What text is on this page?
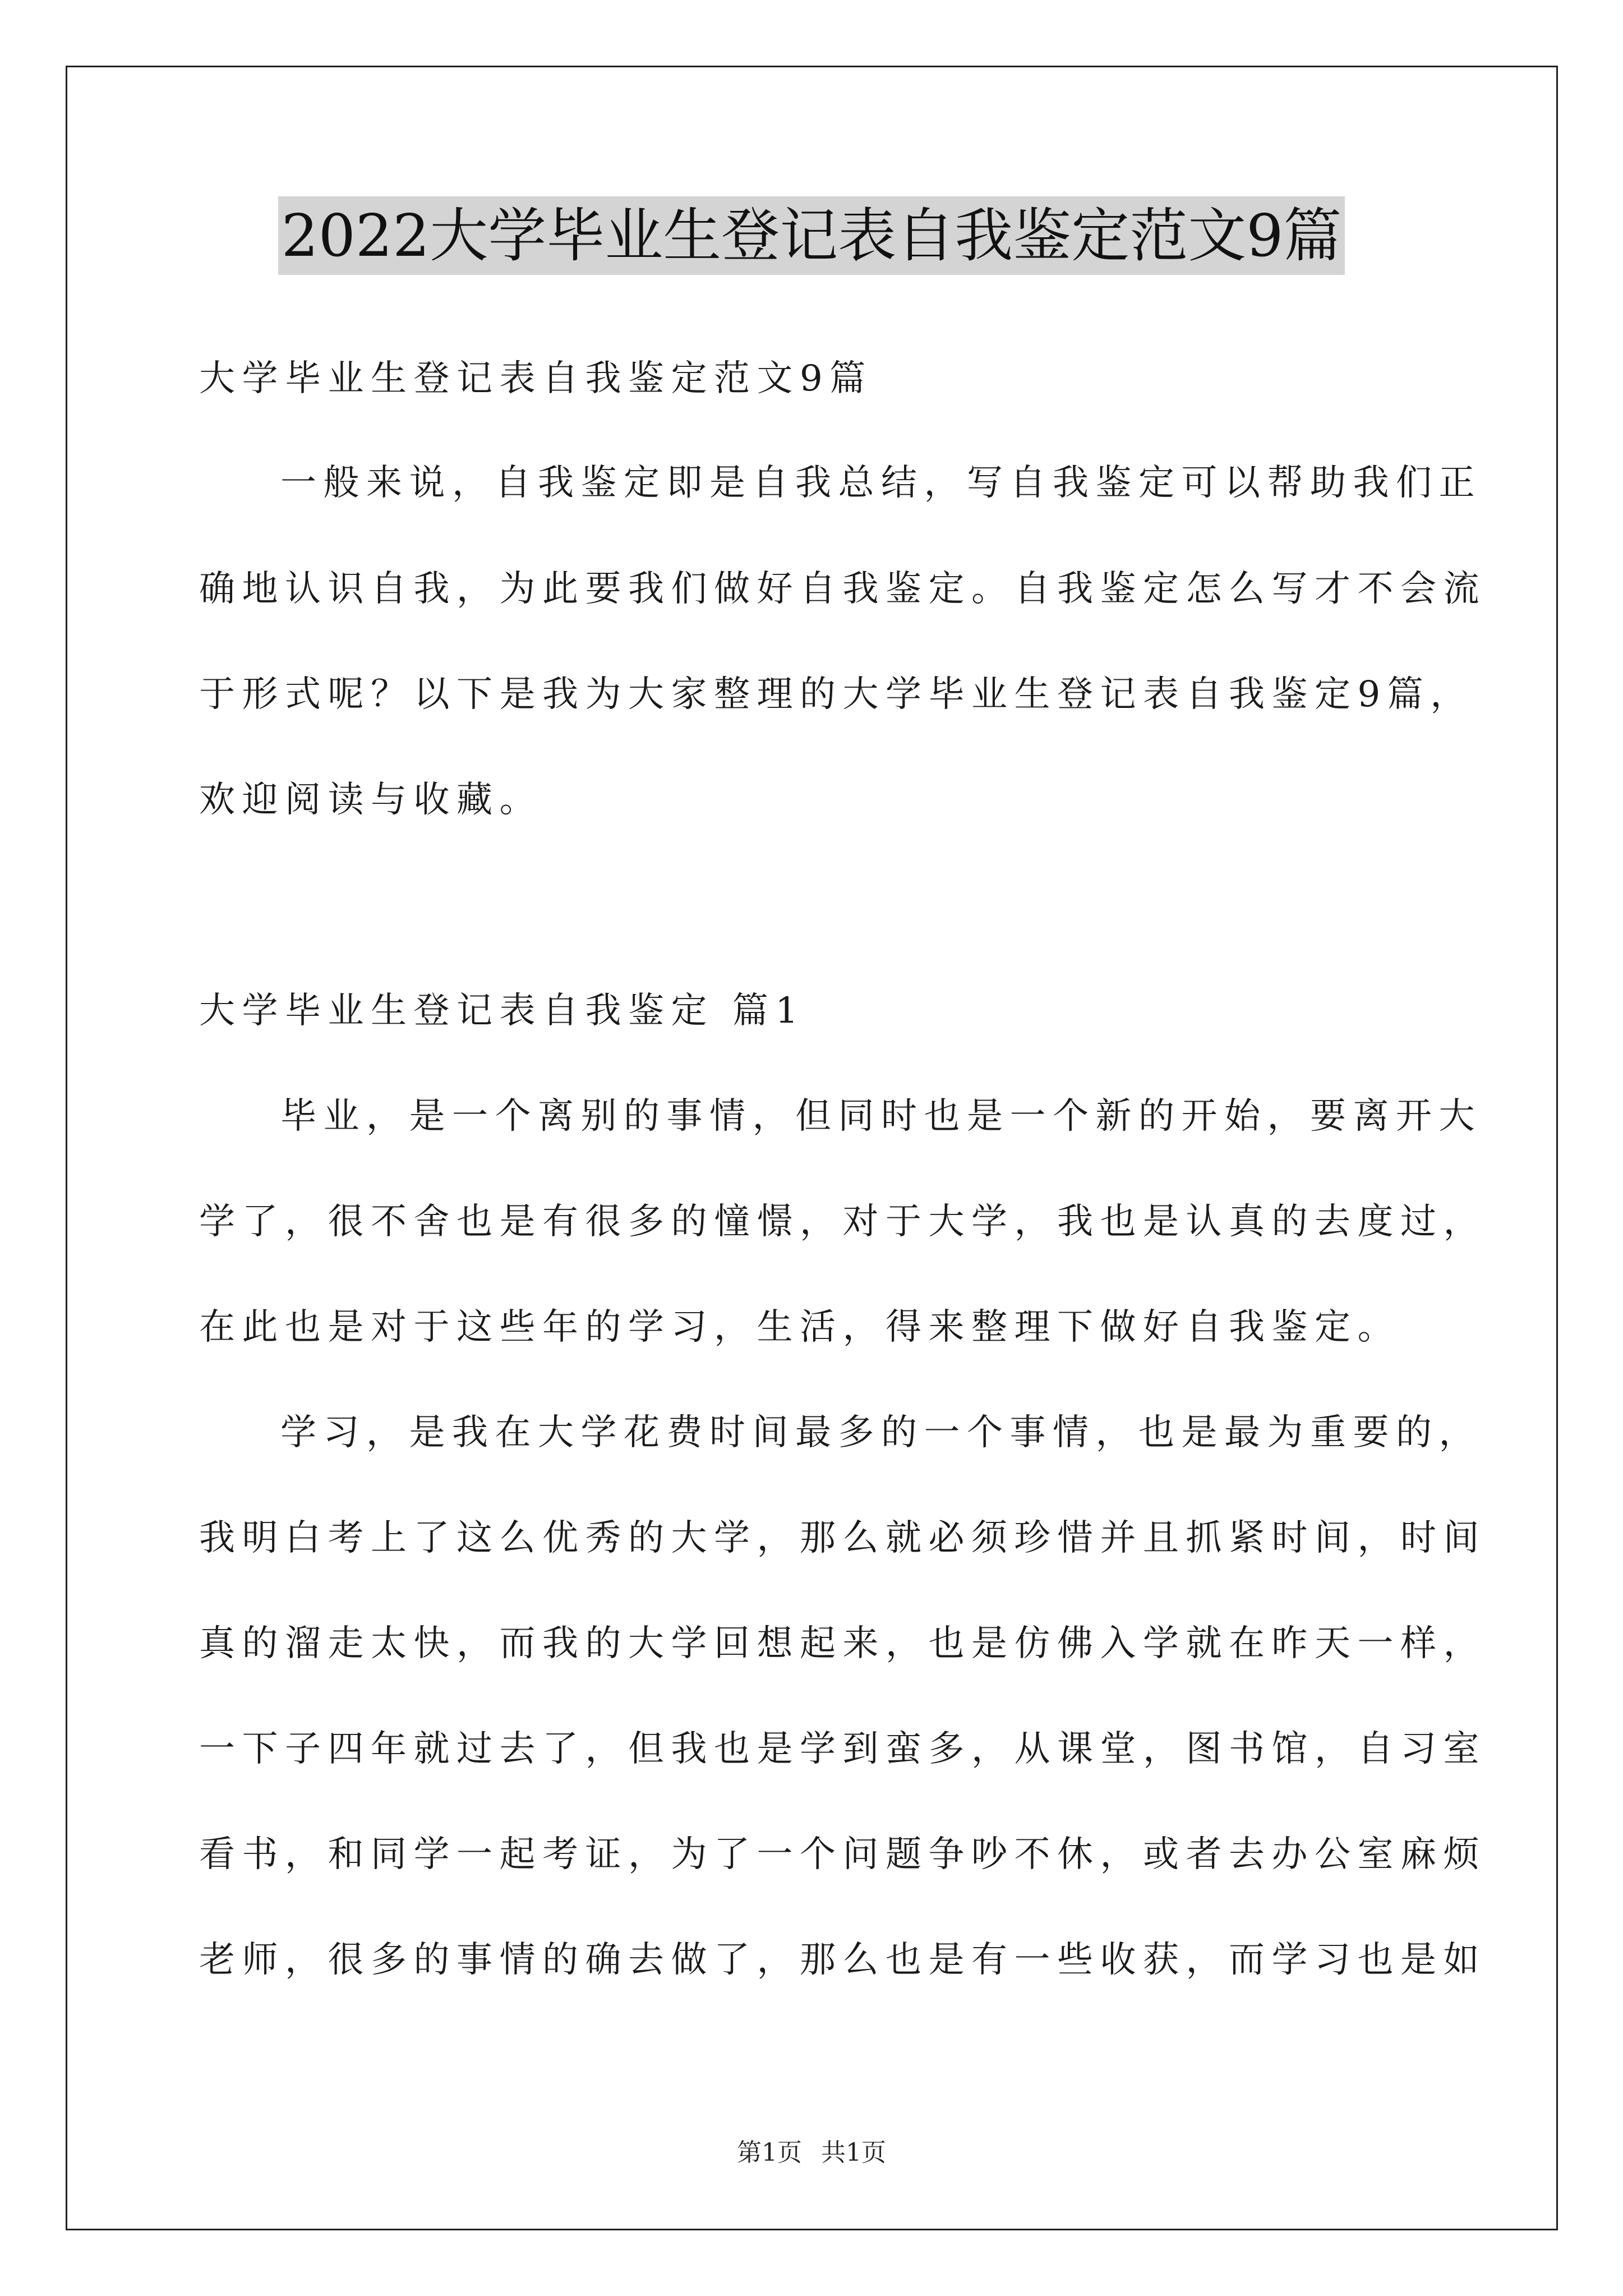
2022大学毕业生登记表自我鉴定范文9篇
大学毕业生登记表自我鉴定范文9篇
一般来说，自我鉴定即是自我总结，写自我鉴定可以帮助我们正
确地认识自我，为此要我们做好自我鉴定。自我鉴定怎么写才不会流
于形式呢？以下是我为大家整理的大学毕业生登记表自我鉴定9篇，
欢迎阅读与收藏。
大学毕业生登记表自我鉴定 篇1
毕业，是一个离别的事情，但同时也是一个新的开始，要离开大
学了，很不舍也是有很多的憧憬，对于大学，我也是认真的去度过，
在此也是对于这些年的学习，生活，得来整理下做好自我鉴定。
学习，是我在大学花费时间最多的一个事情，也是最为重要的，
我明白考上了这么优秀的大学，那么就必须珍惜并且抓紧时间，时间
真的溜走太快，而我的大学回想起来，也是仿佛入学就在昨天一样，
一下子四年就过去了，但我也是学到蛮多，从课堂，图书馆，自习室
看书，和同学一起考证，为了一个问题争吵不休，或者去办公室麻烦
老师，很多的事情的确去做了，那么也是有一些收获，而学习也是如
第1页 共1页
